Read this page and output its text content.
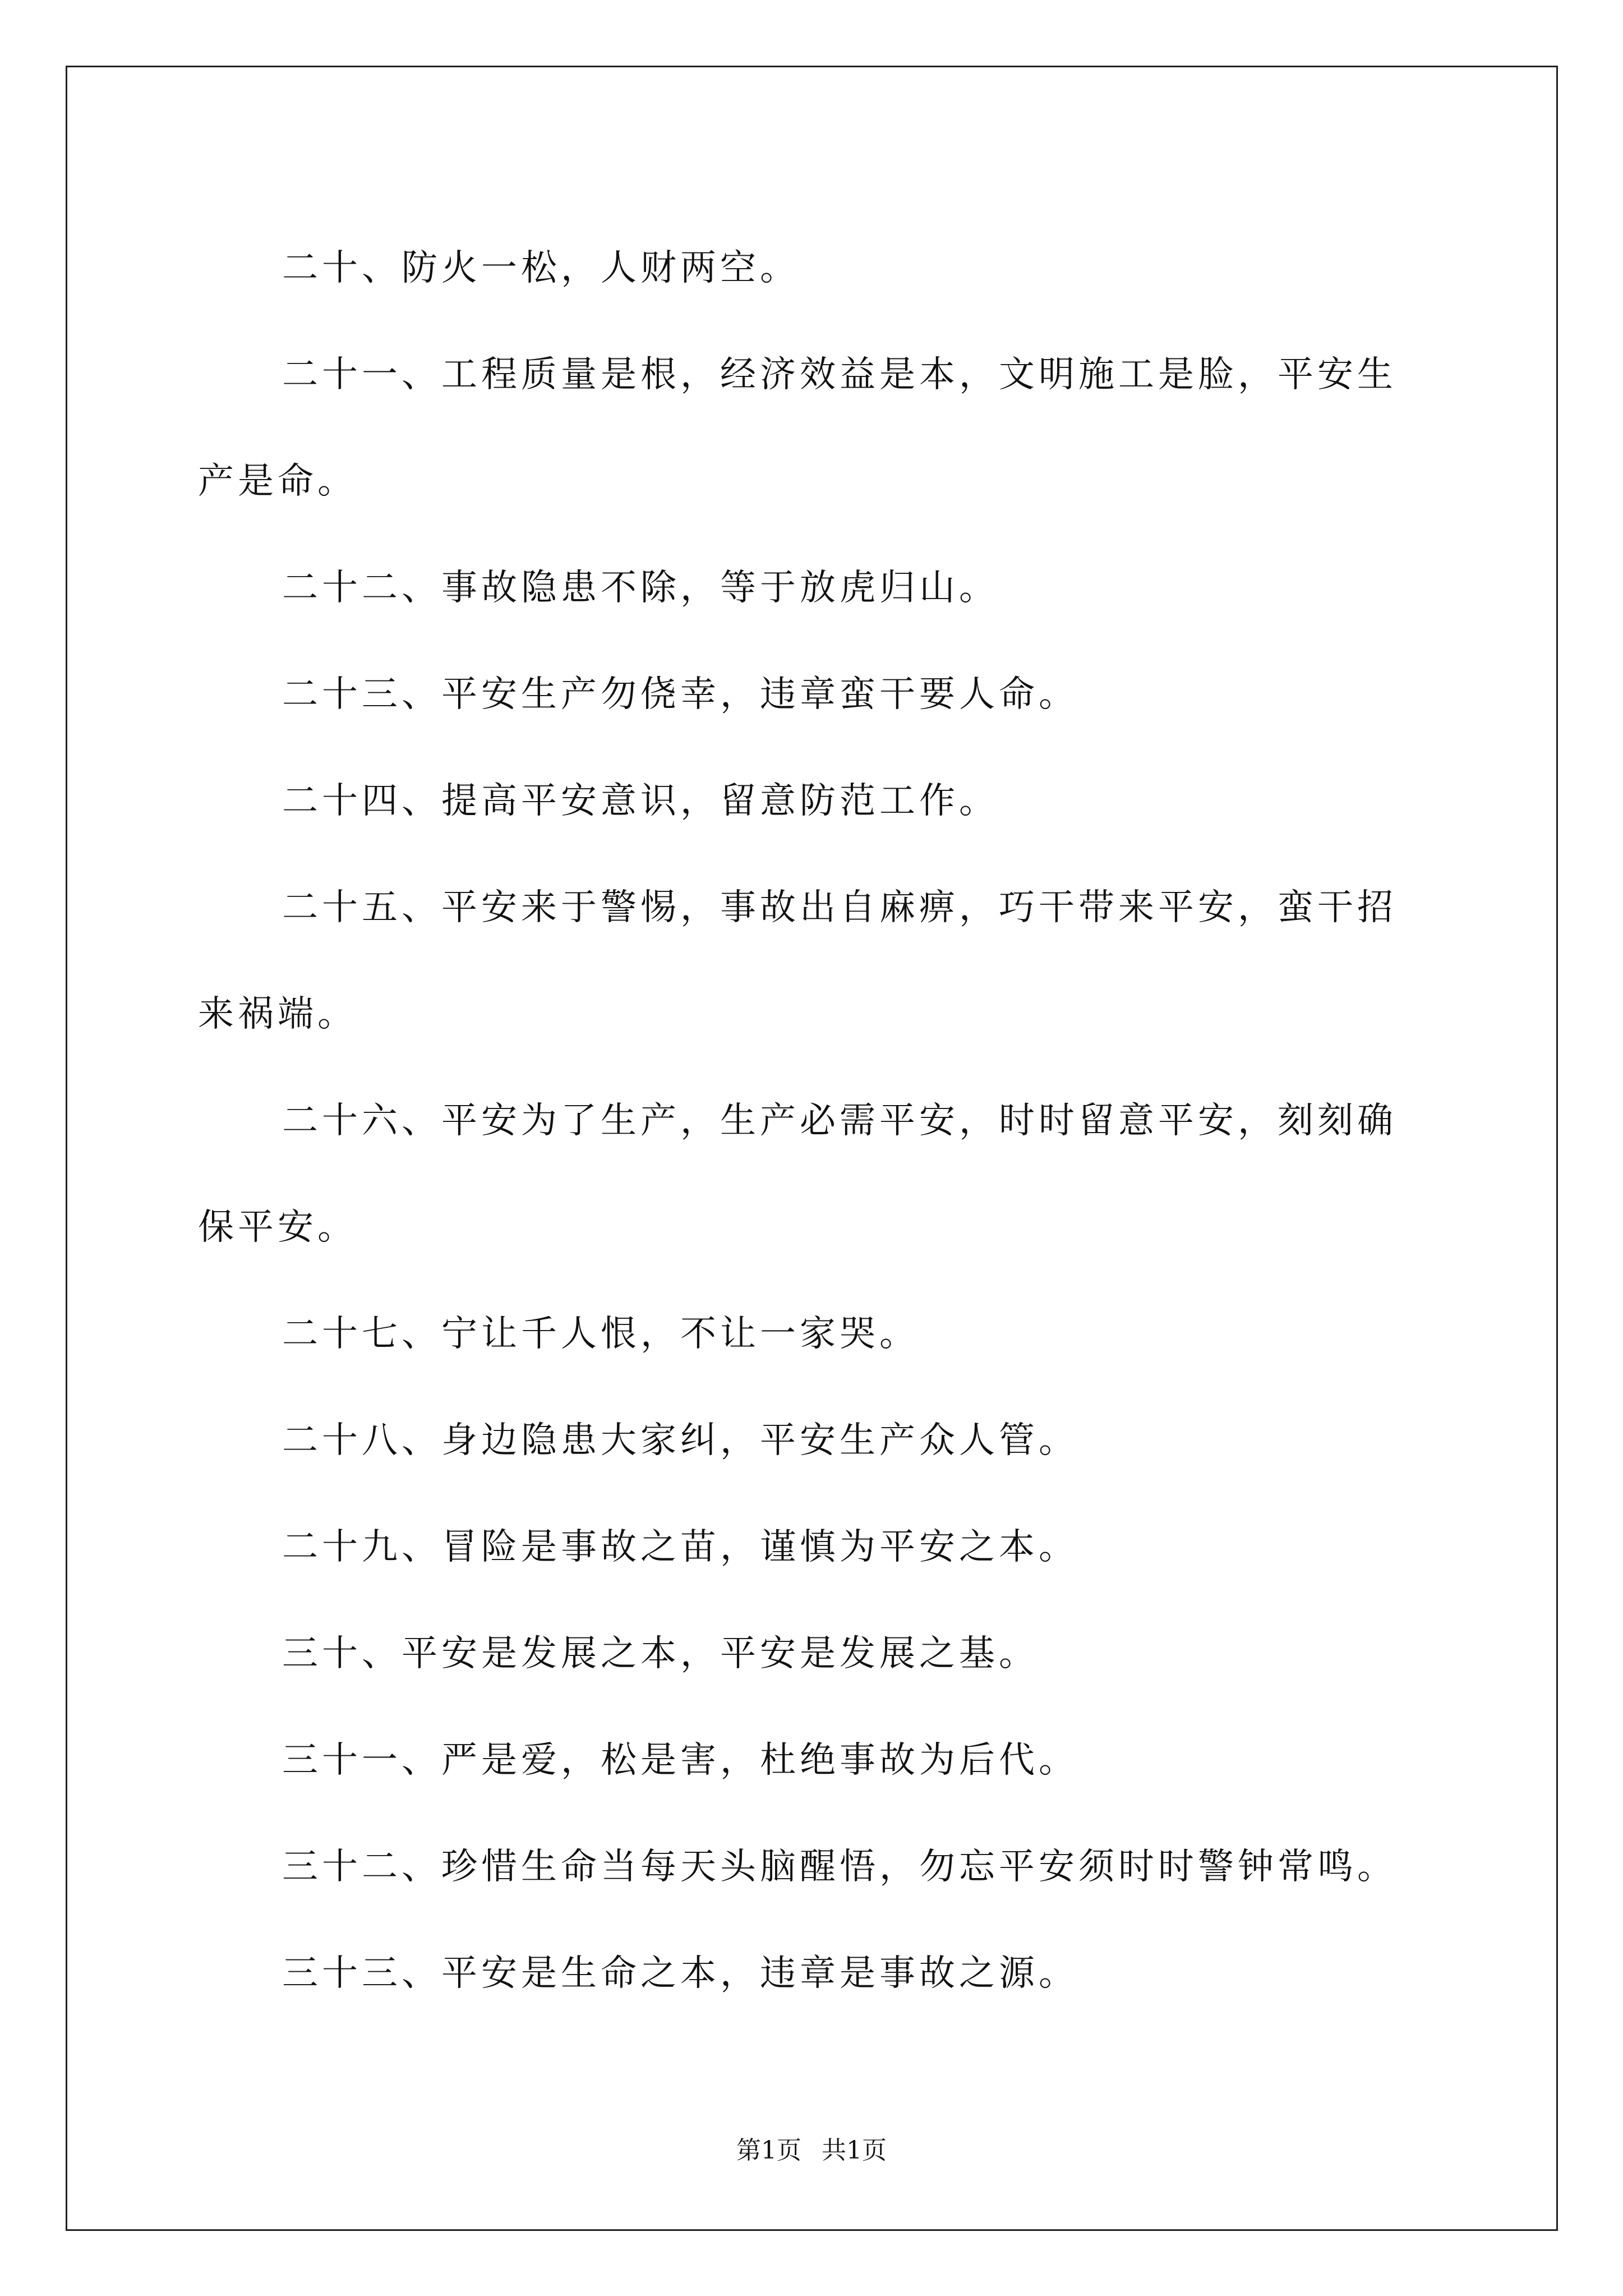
二十、防火一松，人财两空。

二十一、工程质量是根，经济效益是本，文明施工是脸，平安生产是命。

二十二、事故隐患不除，等于放虎归山。

二十三、平安生产勿侥幸，违章蛮干要人命。

二十四、提高平安意识，留意防范工作。

二十五、平安来于警惕，事故出自麻痹，巧干带来平安，蛮干招来祸端。

二十六、平安为了生产，生产必需平安，时时留意平安，刻刻确保平安。

二十七、宁让千人恨，不让一家哭。

二十八、身边隐患大家纠，平安生产众人管。

二十九、冒险是事故之苗，谨慎为平安之本。

三十、平安是发展之本，平安是发展之基。

三十一、严是爱，松是害，杜绝事故为后代。

三十二、珍惜生命当每天头脑醒悟，勿忘平安须时时警钟常鸣。

三十三、平安是生命之本，违章是事故之源。

第1页 共1页
